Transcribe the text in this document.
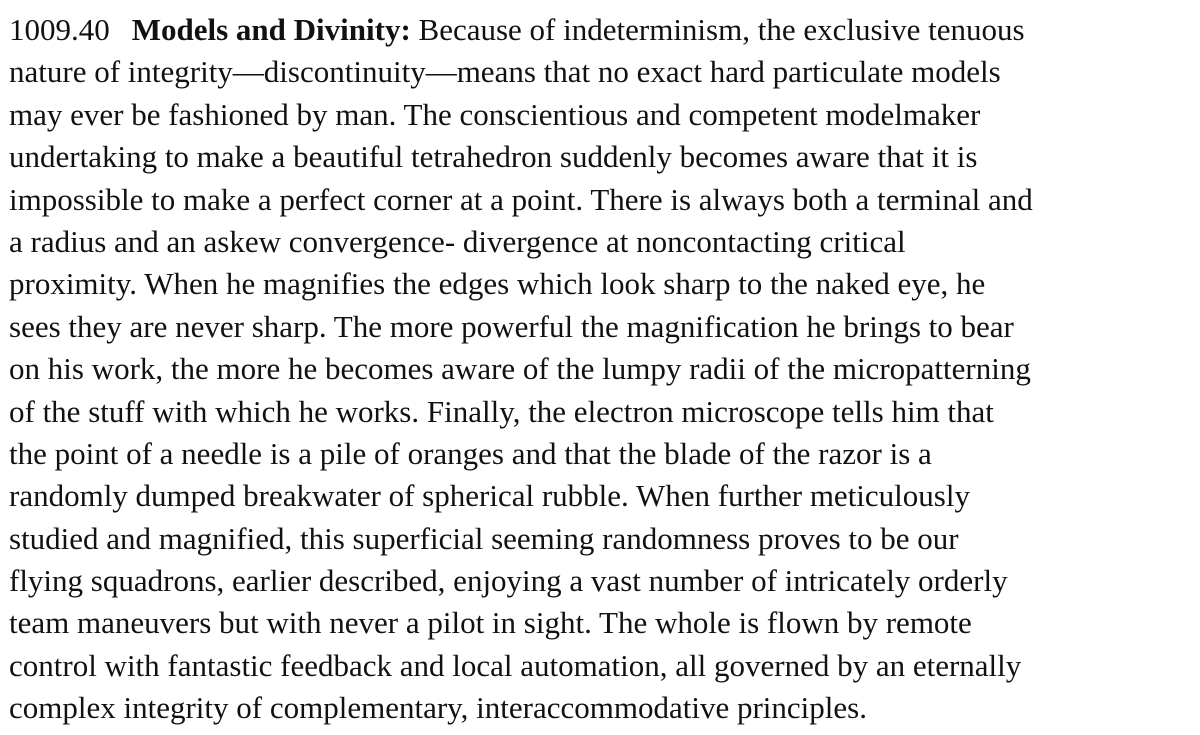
1009.40 Models and Divinity: Because of indeterminism, the exclusive tenuous
nature of integrity—discontinuity—means that no exact hard particulate models
may ever be fashioned by man. The conscientious and competent modelmaker
undertaking to make a beautiful tetrahedron suddenly becomes aware that it is
impossible to make a perfect corner at a point. There is always both a terminal and
a radius and an askew convergence- divergence at noncontacting critical
proximity. When he magnifies the edges which look sharp to the naked eye, he
sees they are never sharp. The more powerful the magnification he brings to bear
on his work, the more he becomes aware of the lumpy radii of the micropatterning
of the stuff with which he works. Finally, the electron microscope tells him that
the point of a needle is a pile of oranges and that the blade of the razor is a
randomly dumped breakwater of spherical rubble. When further meticulously
studied and magnified, this superficial seeming randomness proves to be our
flying squadrons, earlier described, enjoying a vast number of intricately orderly
team maneuvers but with never a pilot in sight. The whole is flown by remote
control with fantastic feedback and local automation, all governed by an eternally
complex integrity of complementary, interaccommodative principles.
